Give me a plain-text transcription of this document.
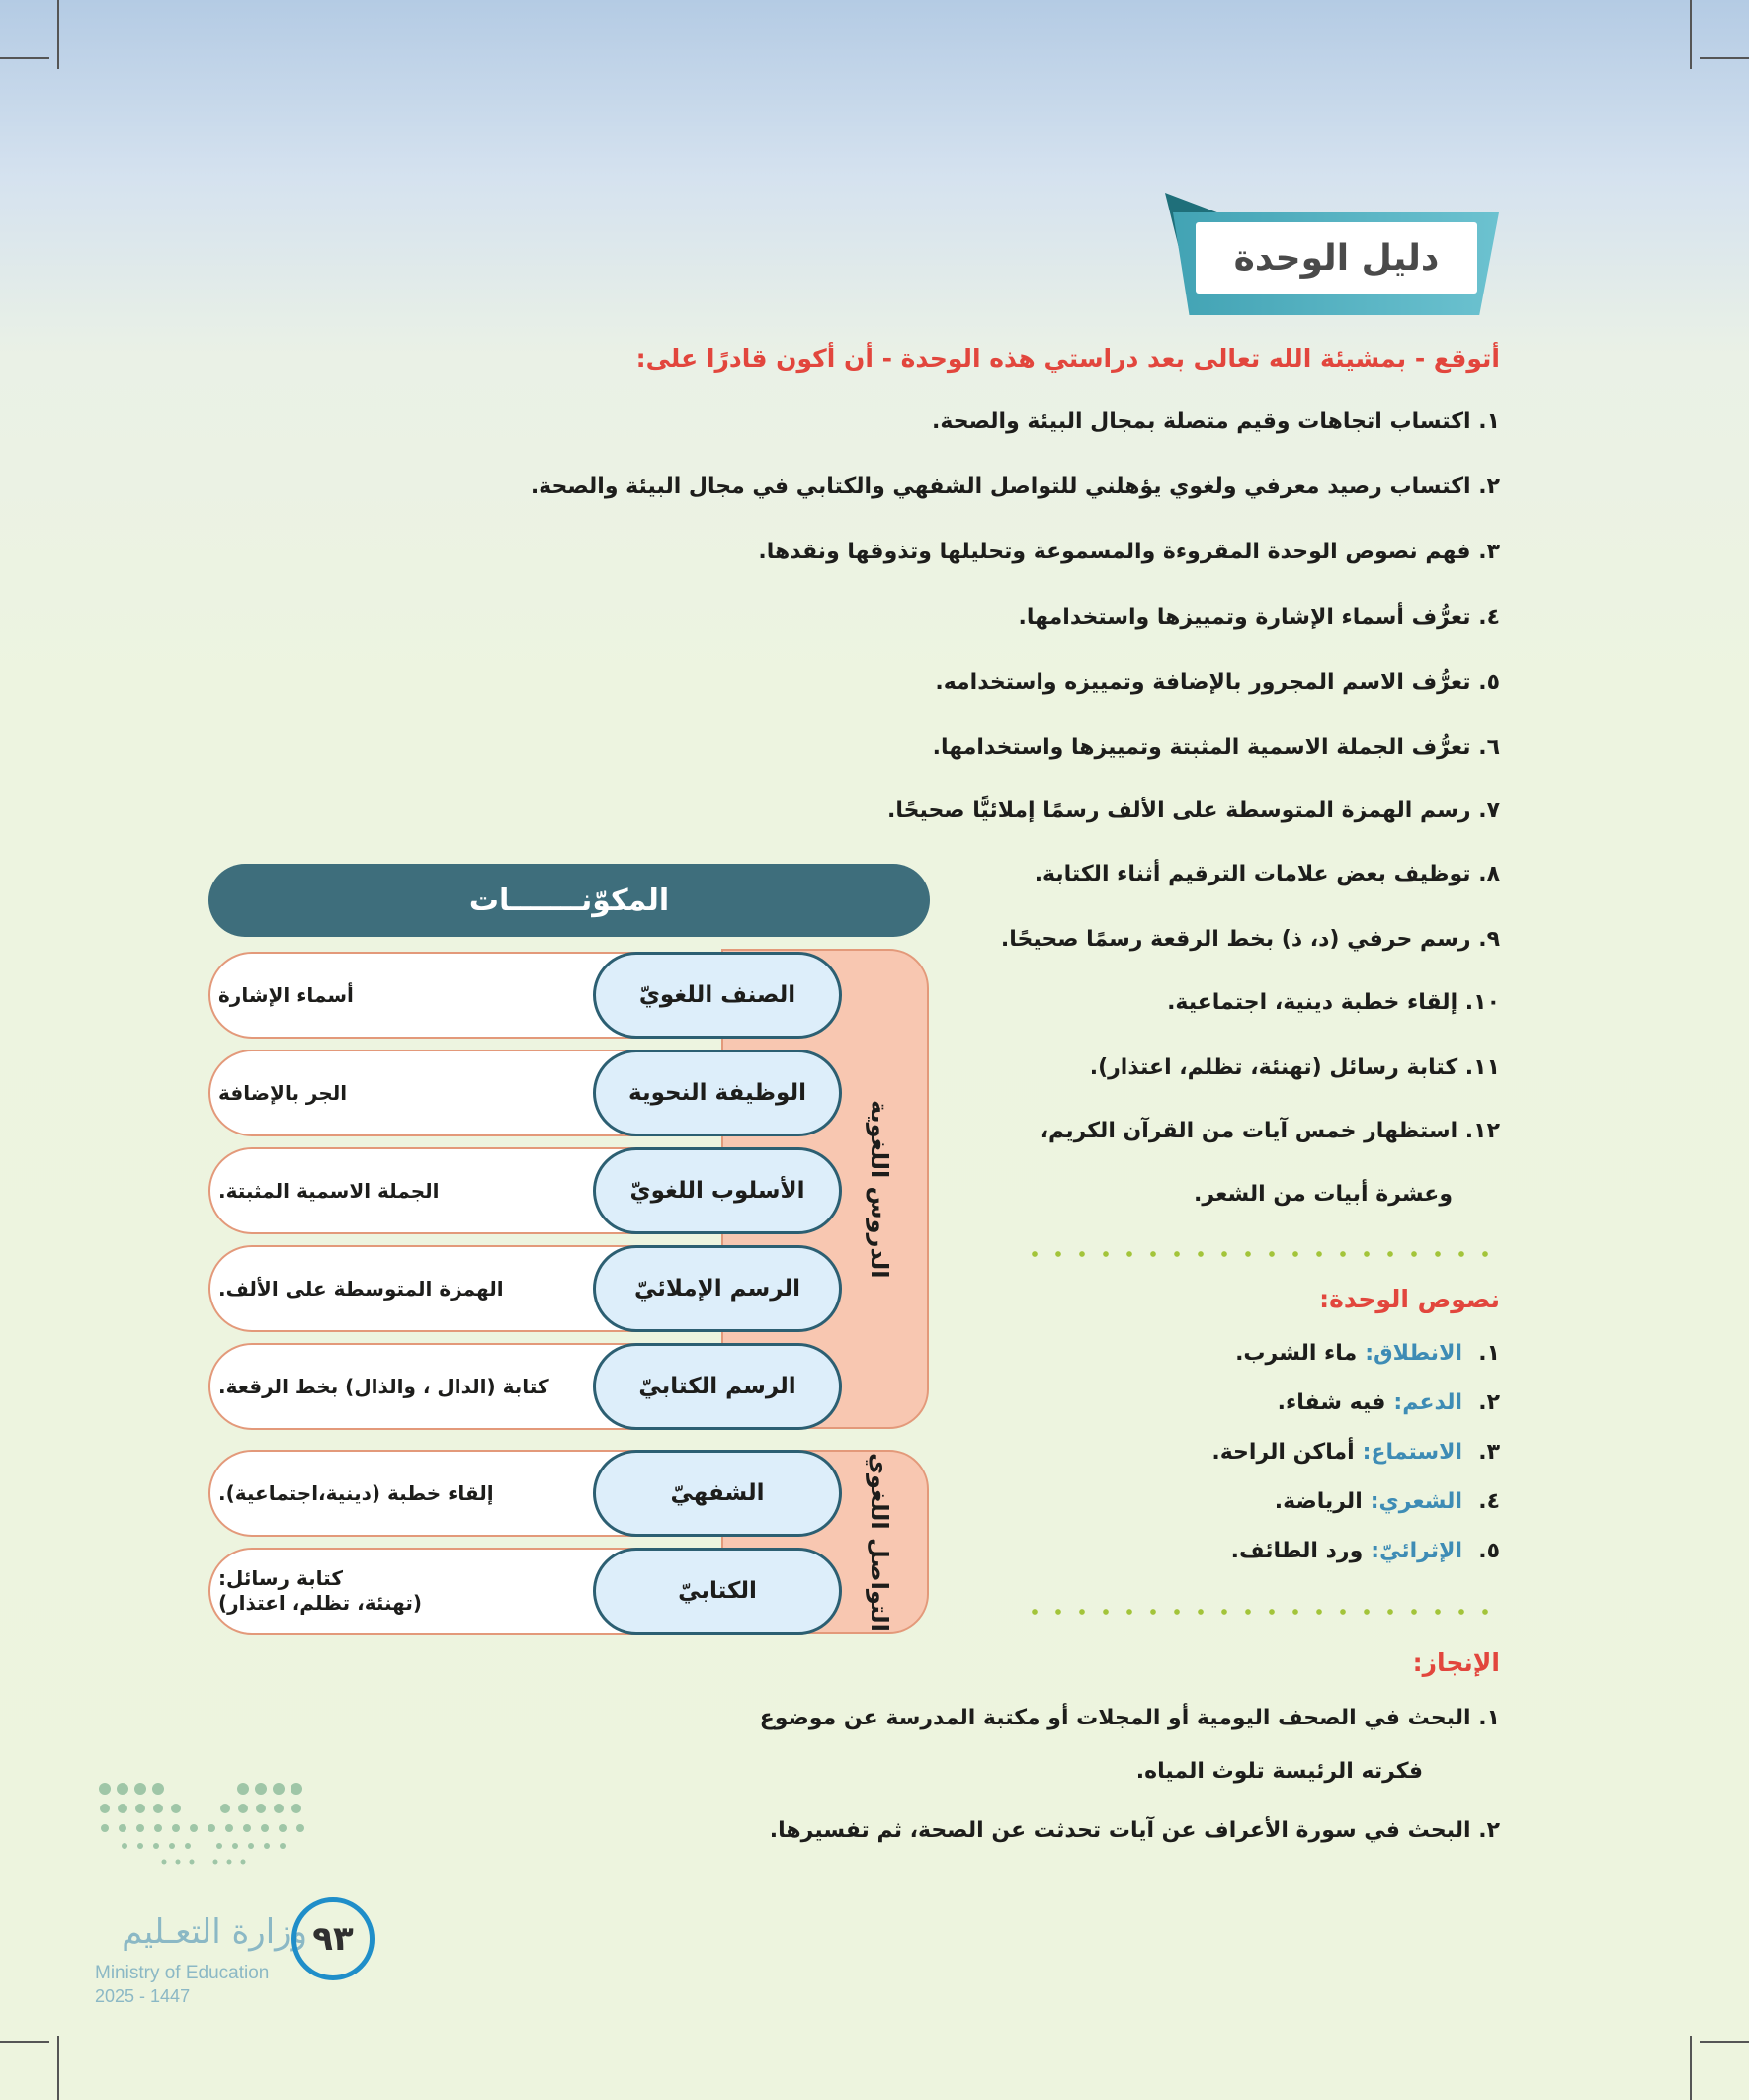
دليل الوحدة
أتوقع - بمشيئة الله تعالى بعد دراستي هذه الوحدة - أن أكون قادرًا على:
١. اكتساب اتجاهات وقيم متصلة بمجال البيئة والصحة.
٢. اكتساب رصيد معرفي ولغوي يؤهلني للتواصل الشفهي والكتابي في مجال البيئة والصحة.
٣. فهم نصوص الوحدة المقروءة والمسموعة وتحليلها وتذوقها ونقدها.
٤. تعرُّف أسماء الإشارة وتمييزها واستخدامها.
٥. تعرُّف الاسم المجرور بالإضافة وتمييزه واستخدامه.
٦. تعرُّف الجملة الاسمية المثبتة وتمييزها واستخدامها.
٧. رسم الهمزة المتوسطة على الألف رسمًا إملائيًّا صحيحًا.
المكوّنـــــــات
الدروس اللغوية
التواصل اللغوي
أسماء الإشارة	الصنف اللغويّ
الجر بالإضافة	الوظيفة النحوية
الجملة الاسمية المثبتة.	الأسلوب اللغويّ
الهمزة المتوسطة على الألف.	الرسم الإملائيّ
كتابة (الدال ، والذال) بخط الرقعة.	الرسم الكتابيّ
إلقاء خطبة (دينية،اجتماعية).	الشفهيّ
كتابة رسائل:
(تهنئة، تظلم، اعتذار)	الكتابيّ
٨. توظيف بعض علامات الترقيم أثناء الكتابة.
٩. رسم حرفي (د، ذ) بخط الرقعة رسمًا صحيحًا.
١٠. إلقاء خطبة دينية، اجتماعية.
١١. كتابة رسائل (تهنئة، تظلم، اعتذار).
١٢. استظهار خمس آيات من القرآن الكريم،
وعشرة أبيات من الشعر.
نصوص الوحدة:
١.
الانطلاق:
ماء الشرب.
٢.
الدعم:
فيه شفاء.
٣.
الاستماع:
أماكن الراحة.
٤.
الشعري:
الرياضة.
٥.
الإثرائيّ:
ورد الطائف.
الإنجاز:
١. البحث في الصحف اليومية أو المجلات أو مكتبة المدرسة عن موضوع
فكرته الرئيسة تلوث المياه.
٢. البحث في سورة الأعراف عن آيات تحدثت عن الصحة، ثم تفسيرها.
وزارة التعـليم
Ministry of Education
2025 - 1447
٩٣
